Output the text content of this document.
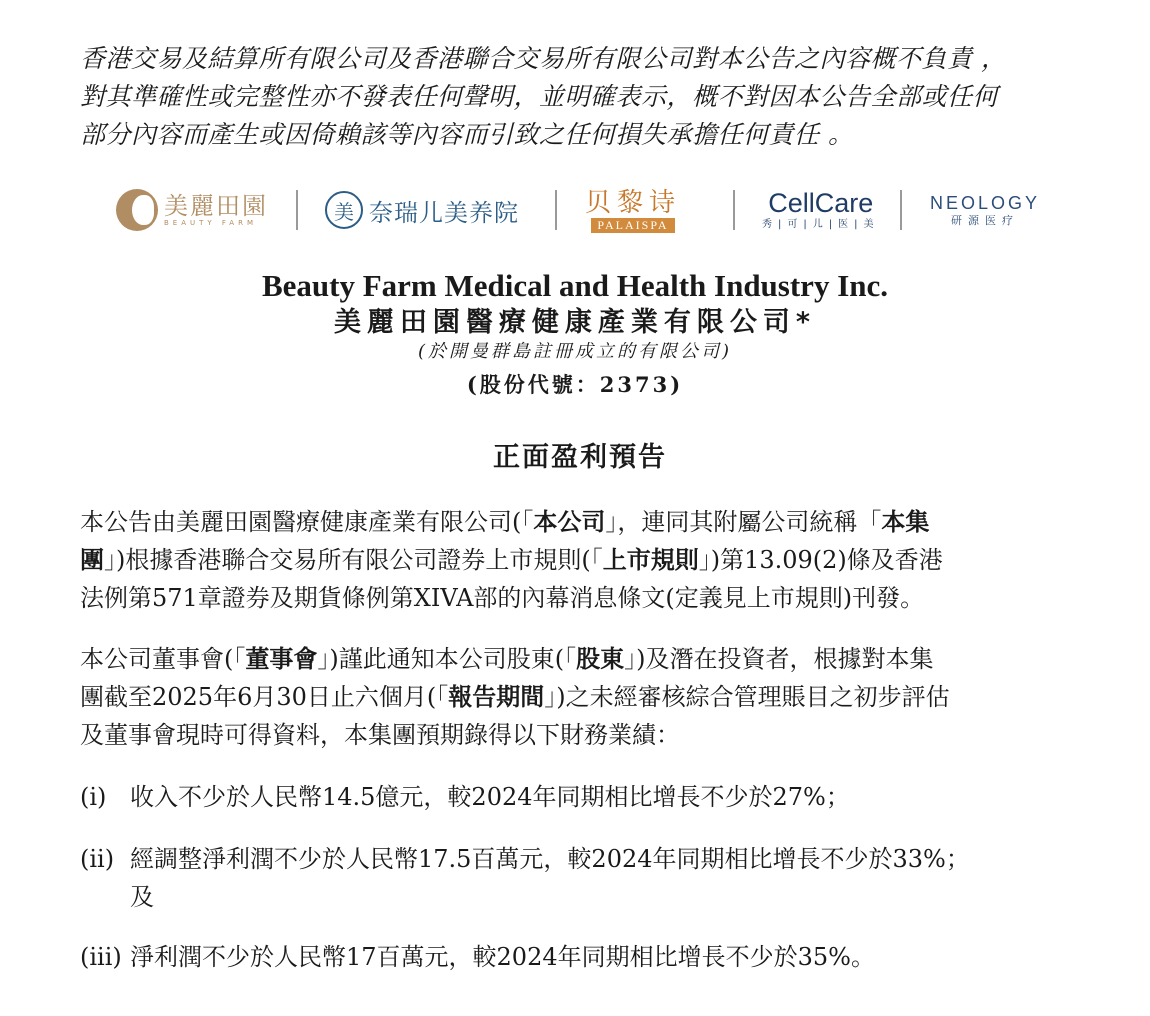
香港交易及結算所有限公司及香港聯合交易所有限公司對本公告之內容概不負責 ，
對其準確性或完整性亦不發表任何聲明，並明確表示，概不對因本公告全部或任何
部分內容而產生或因倚賴該等內容而引致之任何損失承擔任何責任 。
美麗田園
BEAUTY FARM	美 奈瑞儿美养院	贝黎诗
PALAISPA
CellCare
秀|可|儿|医|美
NEOLOGY
研源医疗
Beauty Farm Medical and Health Industry Inc.
美麗田園醫療健康產業有限公司*
(於開曼群島註冊成立的有限公司)
(股份代號：2373)
正面盈利預告
本公告由美麗田園醫療健康產業有限公司(「本公司」，連同其附屬公司統稱「本集
團」)根據香港聯合交易所有限公司證券上市規則(「上市規則」)第13.09(2)條及香港
法例第571章證券及期貨條例第XIVA部的內幕消息條文(定義見上市規則)刊發。
本公司董事會(「董事會」)謹此通知本公司股東(「股東」)及潛在投資者，根據對本集
團截至2025年6月30日止六個月(「報告期間」)之未經審核綜合管理賬目之初步評估
及董事會現時可得資料，本集團預期錄得以下財務業績：
(i) 收入不少於人民幣14.5億元，較2024年同期相比增長不少於27%；
(ii) 經調整淨利潤不少於人民幣17.5百萬元，較2024年同期相比增長不少於33%；
及
(iii) 淨利潤不少於人民幣17百萬元，較2024年同期相比增長不少於35%。
